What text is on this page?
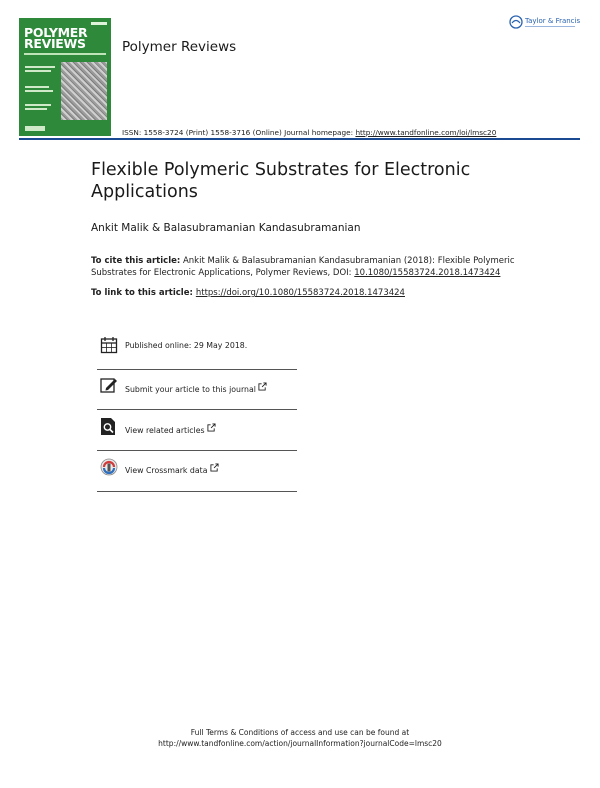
POLYMER
REVIEWS	Polymer Reviews
Taylor & Francis
ISSN: 1558-3724 (Print) 1558-3716 (Online) Journal homepage: http://www.tandfonline.com/loi/lmsc20
Flexible Polymeric Substrates for Electronic Applications
Ankit Malik & Balasubramanian Kandasubramanian
To cite this article: Ankit Malik & Balasubramanian Kandasubramanian (2018): Flexible Polymeric Substrates for Electronic Applications, Polymer Reviews, DOI: 10.1080/15583724.2018.1473424
To link to this article: https://doi.org/10.1080/15583724.2018.1473424
Published online: 29 May 2018.
Submit your article to this journal
View related articles
View Crossmark data
Full Terms & Conditions of access and use can be found at
http://www.tandfonline.com/action/journalInformation?journalCode=lmsc20
